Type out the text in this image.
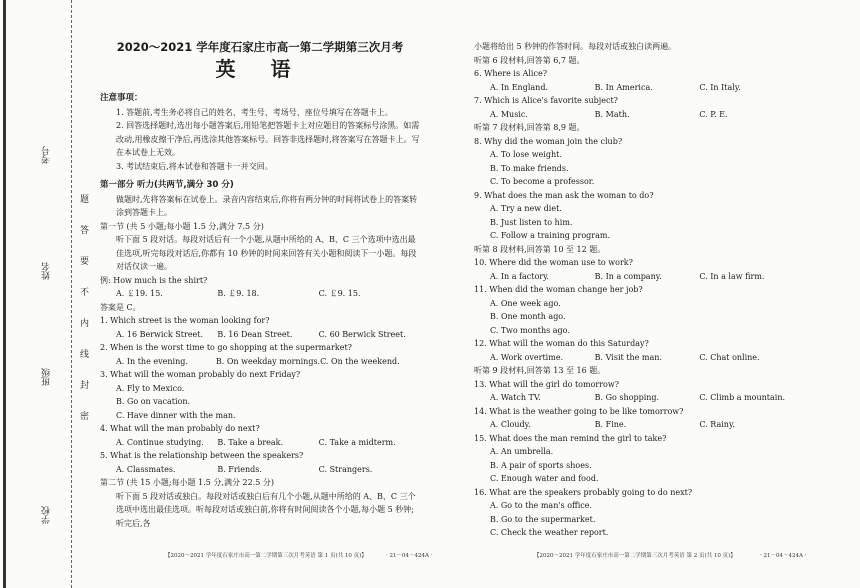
考号
姓名
班级
学校
题
答
要
不
内
线
封
密
2020～2021 学年度石家庄市高一第二学期第三次月考
英 语
注意事项：
1. 答题前,考生务必将自己的姓名、考生号、考场号、座位号填写在答题卡上。
2. 回答选择题时,选出每小题答案后,用铅笔把答题卡上对应题目的答案标号涂黑。如需改动,用橡皮擦干净后,再选涂其他答案标号。回答非选择题时,将答案写在答题卡上。写在本试卷上无效。
3. 考试结束后,将本试卷和答题卡一并交回。
第一部分 听力(共两节,满分 30 分)
做题时,先将答案标在试卷上。录音内容结束后,你将有两分钟的时间将试卷上的答案转涂到答题卡上。
第一节 (共 5 小题;每小题 1.5 分,满分 7.5 分)
听下面 5 段对话。每段对话后有一个小题,从题中所给的 A、B、C 三个选项中选出最佳选项,听完每段对话后,你都有 10 秒钟的时间来回答有关小题和阅读下一小题。每段对话仅读一遍。
例: How much is the shirt?
A. ￡19. 15.	B. ￡9. 18.	C. ￡9. 15.
答案是 C。
1. Which street is the woman looking for?
A. 16 Berwick Street.	B. 16 Dean Street.	C. 60 Berwick Street.
2. When is the worst time to go shopping at the supermarket?
A. In the evening.	B. On weekday mornings. C. On the weekend.
3. What will the woman probably do next Friday?
A. Fly to Mexico.
B. Go on vacation.
C. Have dinner with the man.
4. What will the man probably do next?
A. Continue studying.	B. Take a break.	C. Take a midterm.
5. What is the relationship between the speakers?
A. Classmates.	B. Friends.	C. Strangers.
第二节 (共 15 小题;每小题 1.5 分,满分 22.5 分)
听下面 5 段对话或独白。每段对话或独白后有几个小题,从题中所给的 A、B、C 三个选项中选出最佳选项。听每段对话或独白前,你将有时间阅读各个小题,每小题 5 秒钟;听完后,各
小题将给出 5 秒钟的作答时间。每段对话或独白读两遍。
听第 6 段材料,回答第 6,7 题。
6. Where is Alice?
A. In England.	B. In America.	C. In Italy.
7. Which is Alice's favorite subject?
A. Music.	B. Math.	C. P. E.
听第 7 段材料,回答第 8,9 题。
8. Why did the woman join the club?
A. To lose weight.
B. To make friends.
C. To become a professor.
9. What does the man ask the woman to do?
A. Try a new diet.
B. Just listen to him.
C. Follow a training program.
听第 8 段材料,回答第 10 至 12 题。
10. Where did the woman use to work?
A. In a factory.	B. In a company.	C. In a law firm.
11. When did the woman change her job?
A. One week ago.
B. One month ago.
C. Two months ago.
12. What will the woman do this Saturday?
A. Work overtime.	B. Visit the man.	C. Chat online.
听第 9 段材料,回答第 13 至 16 题。
13. What will the girl do tomorrow?
A. Watch TV.	B. Go shopping.	C. Climb a mountain.
14. What is the weather going to be like tomorrow?
A. Cloudy.	B. Fine.	C. Rainy.
15. What does the man remind the girl to take?
A. An umbrella.
B. A pair of sports shoes.
C. Enough water and food.
16. What are the speakers probably going to do next?
A. Go to the man's office.
B. Go to the supermarket.
C. Check the weather report.
【2020～2021 学年度石家庄市高一第二学期第三次月考英语 第 1 页(共 10 页)】	· 21－04－424A ·	【2020～2021 学年度石家庄市高一第二学期第三次月考英语 第 2 页(共 10 页)】	· 21－04－424A ·
